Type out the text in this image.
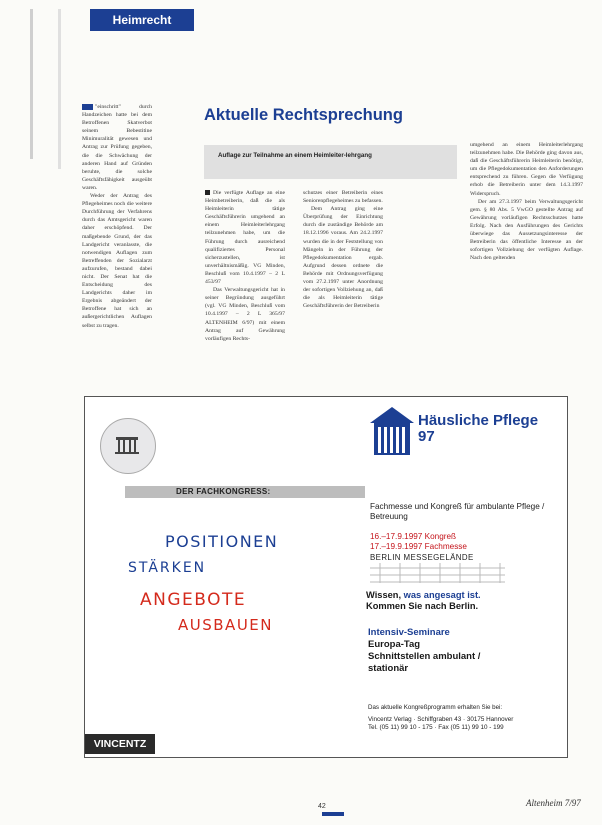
Heimrecht

"einschritt" durch Handzeichen hatte bei dem Betroffenen Skatverbot seinem Bebestitine Minimuralität gewesen und Antrag zur Prüfung gegeben, die die Schwächung der anderen Hand auf Gründen beruhte, die solche Geschäftsfähigkeit ausgeübt waren.

Weder der Antrag des Pflegeheimes noch die weitere Durchführung der Verfahrens durch das Amtsgericht waren daher erschöpfend. Der maßgebende Grund, der das Landgericht veranlasste, die notwendigen Auflagen zum Betreffenden der Sozialarzt aufzurufen, bestand dabei nicht. Der Senat hat die Entscheidung des Landgerichts daher im Ergebnis abgeändert der Betroffene hat sich an außergerichtlichen Auflagen selbst zu tragen.

Aktuelle Rechtsprechung
Auflage zur Teilnahme an einem Heimleiter-lehrgang

Die verfügte Auflage an eine Heimbetreiberin, daß die als Heimleiterin tätige Geschäftsführerin umgehend an einem Heimleiterlehrgang teilzunehmen habe, um die Führung durch ausreichend qualifiziertes Personal sicherzustellen, ist unverhältnismäßig. VG Minden, Beschluß vom 10.4.1997 – 2 L 453/97

Das Verwaltungsgericht hat in seiner Begründung ausgeführt (vgl. VG Minden, Beschluß vom 10.4.1997 – 2 L 365/97 ALTENHEIM 6/97) mit einem Antrag auf Gewährung vorläufigen Rechts-

schutzes einer Betreiberin eines Seniorenpflegeheimes zu befassen.

Dem Antrag ging eine Überprüfung der Einrichtung durch die zuständige Behörde am 18.12.1996 voraus. Am 24.2.1997 wurden die in der Feststellung von Mängeln in der Führung der Pflegedokumentation ergab. Aufgrund dessen ordnete die Behörde mit Ordnungsverfügung vom 27.2.1997 unter Anordnung der sofortigen Vollziehung an, daß die als Heimleiterin tätige Geschäftsführerin der Betreiberin

umgehend an einem Heimleiterlehrgang teilzunehmen habe. Die Behörde ging davon aus, daß die Geschäftsführerin Heimleiterin benötigt, um die Pflegedokumentation den Anforderungen entsprechend zu führen. Gegen die Verfügung erhob die Betreiberin unter dem 14.3.1997 Widerspruch.

Der am 27.3.1997 beim Verwaltungsgericht gem. § 80 Abs. 5 VwGO gestellte Antrag auf Gewährung vorläufigen Rechtsschutzes hatte Erfolg. Nach den Ausführungen des Gerichts überwiege das Aussetzungsinteresse der Betreiberin das öffentliche Interesse an der sofortigen Vollziehung der verfügten Auflage. Nach den geltenden

Häusliche Pflege 97
DER FACHKONGRESS:
Fachmesse und Kongreß für ambulante Pflege / Betreuung
16.–17.9.1997 Kongreß
17.–19.9.1997 Fachmesse
BERLIN MESSEGELÄNDE
POSITIONEN
STÄRKEN
ANGEBOTE
AUSBAUEN
Wissen, was angesagt ist.
Kommen Sie nach Berlin.
Intensiv-Seminare
Europa-Tag
Schnittstellen ambulant /
stationär
Das aktuelle Kongreßprogramm erhalten Sie bei:
Vincentz Verlag · Schiffgraben 43 · 30175 Hannover
Tel. (05 11) 99 10 - 175 · Fax (05 11) 99 10 - 199
VINCENTZ
42	Altenheim 7/97
